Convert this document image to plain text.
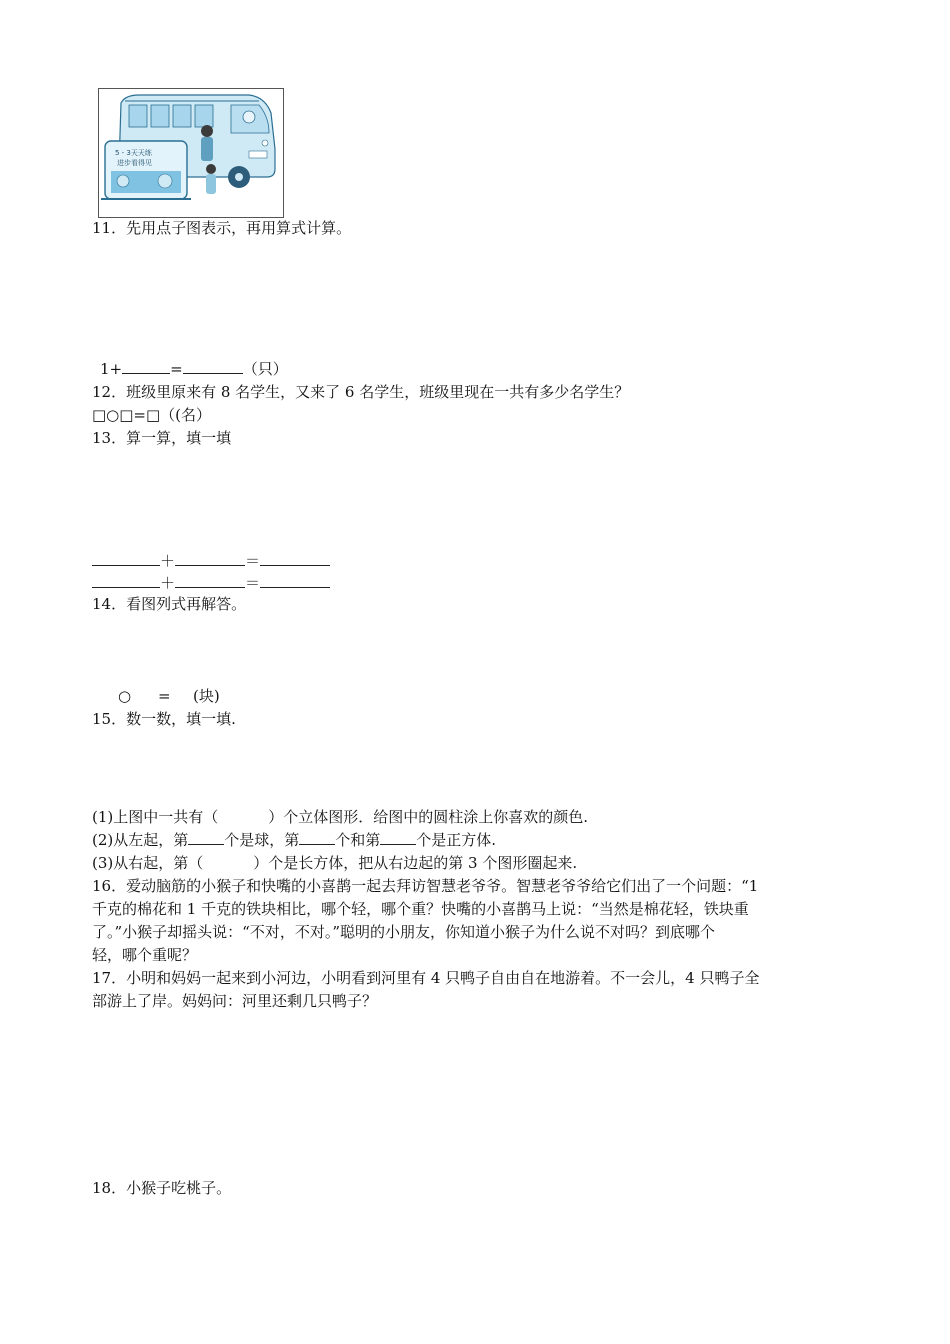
5 - 3天天练
进步看得见
11．先用点子图表示，再用算式计算。
1+	=	（只）
12．班级里原来有 8 名学生，又来了 6 名学生，班级里现在一共有多少名学生？
□○□=□（(名）
13．算一算，填一填
＋	＝
＋	＝
14．看图列式再解答。
○ = (块)
15．数一数，填一填.
(1)上图中一共有（	）个立体图形．给图中的圆柱涂上你喜欢的颜色.
(2)从左起，第 个是球，第 个和第 个是正方体.
(3)从右起，第（	）个是长方体，把从右边起的第 3 个图形圈起来.
16．爱动脑筋的小猴子和快嘴的小喜鹊一起去拜访智慧老爷爷。智慧老爷爷给它们出了一个问题：“1
千克的棉花和 1 千克的铁块相比，哪个轻，哪个重？快嘴的小喜鹊马上说：“当然是棉花轻，铁块重
了。”小猴子却摇头说：“不对，不对。”聪明的小朋友，你知道小猴子为什么说不对吗？到底哪个
轻，哪个重呢？
17．小明和妈妈一起来到小河边，小明看到河里有 4 只鸭子自由自在地游着。不一会儿，4 只鸭子全
部游上了岸。妈妈问：河里还剩几只鸭子？
18．小猴子吃桃子。
